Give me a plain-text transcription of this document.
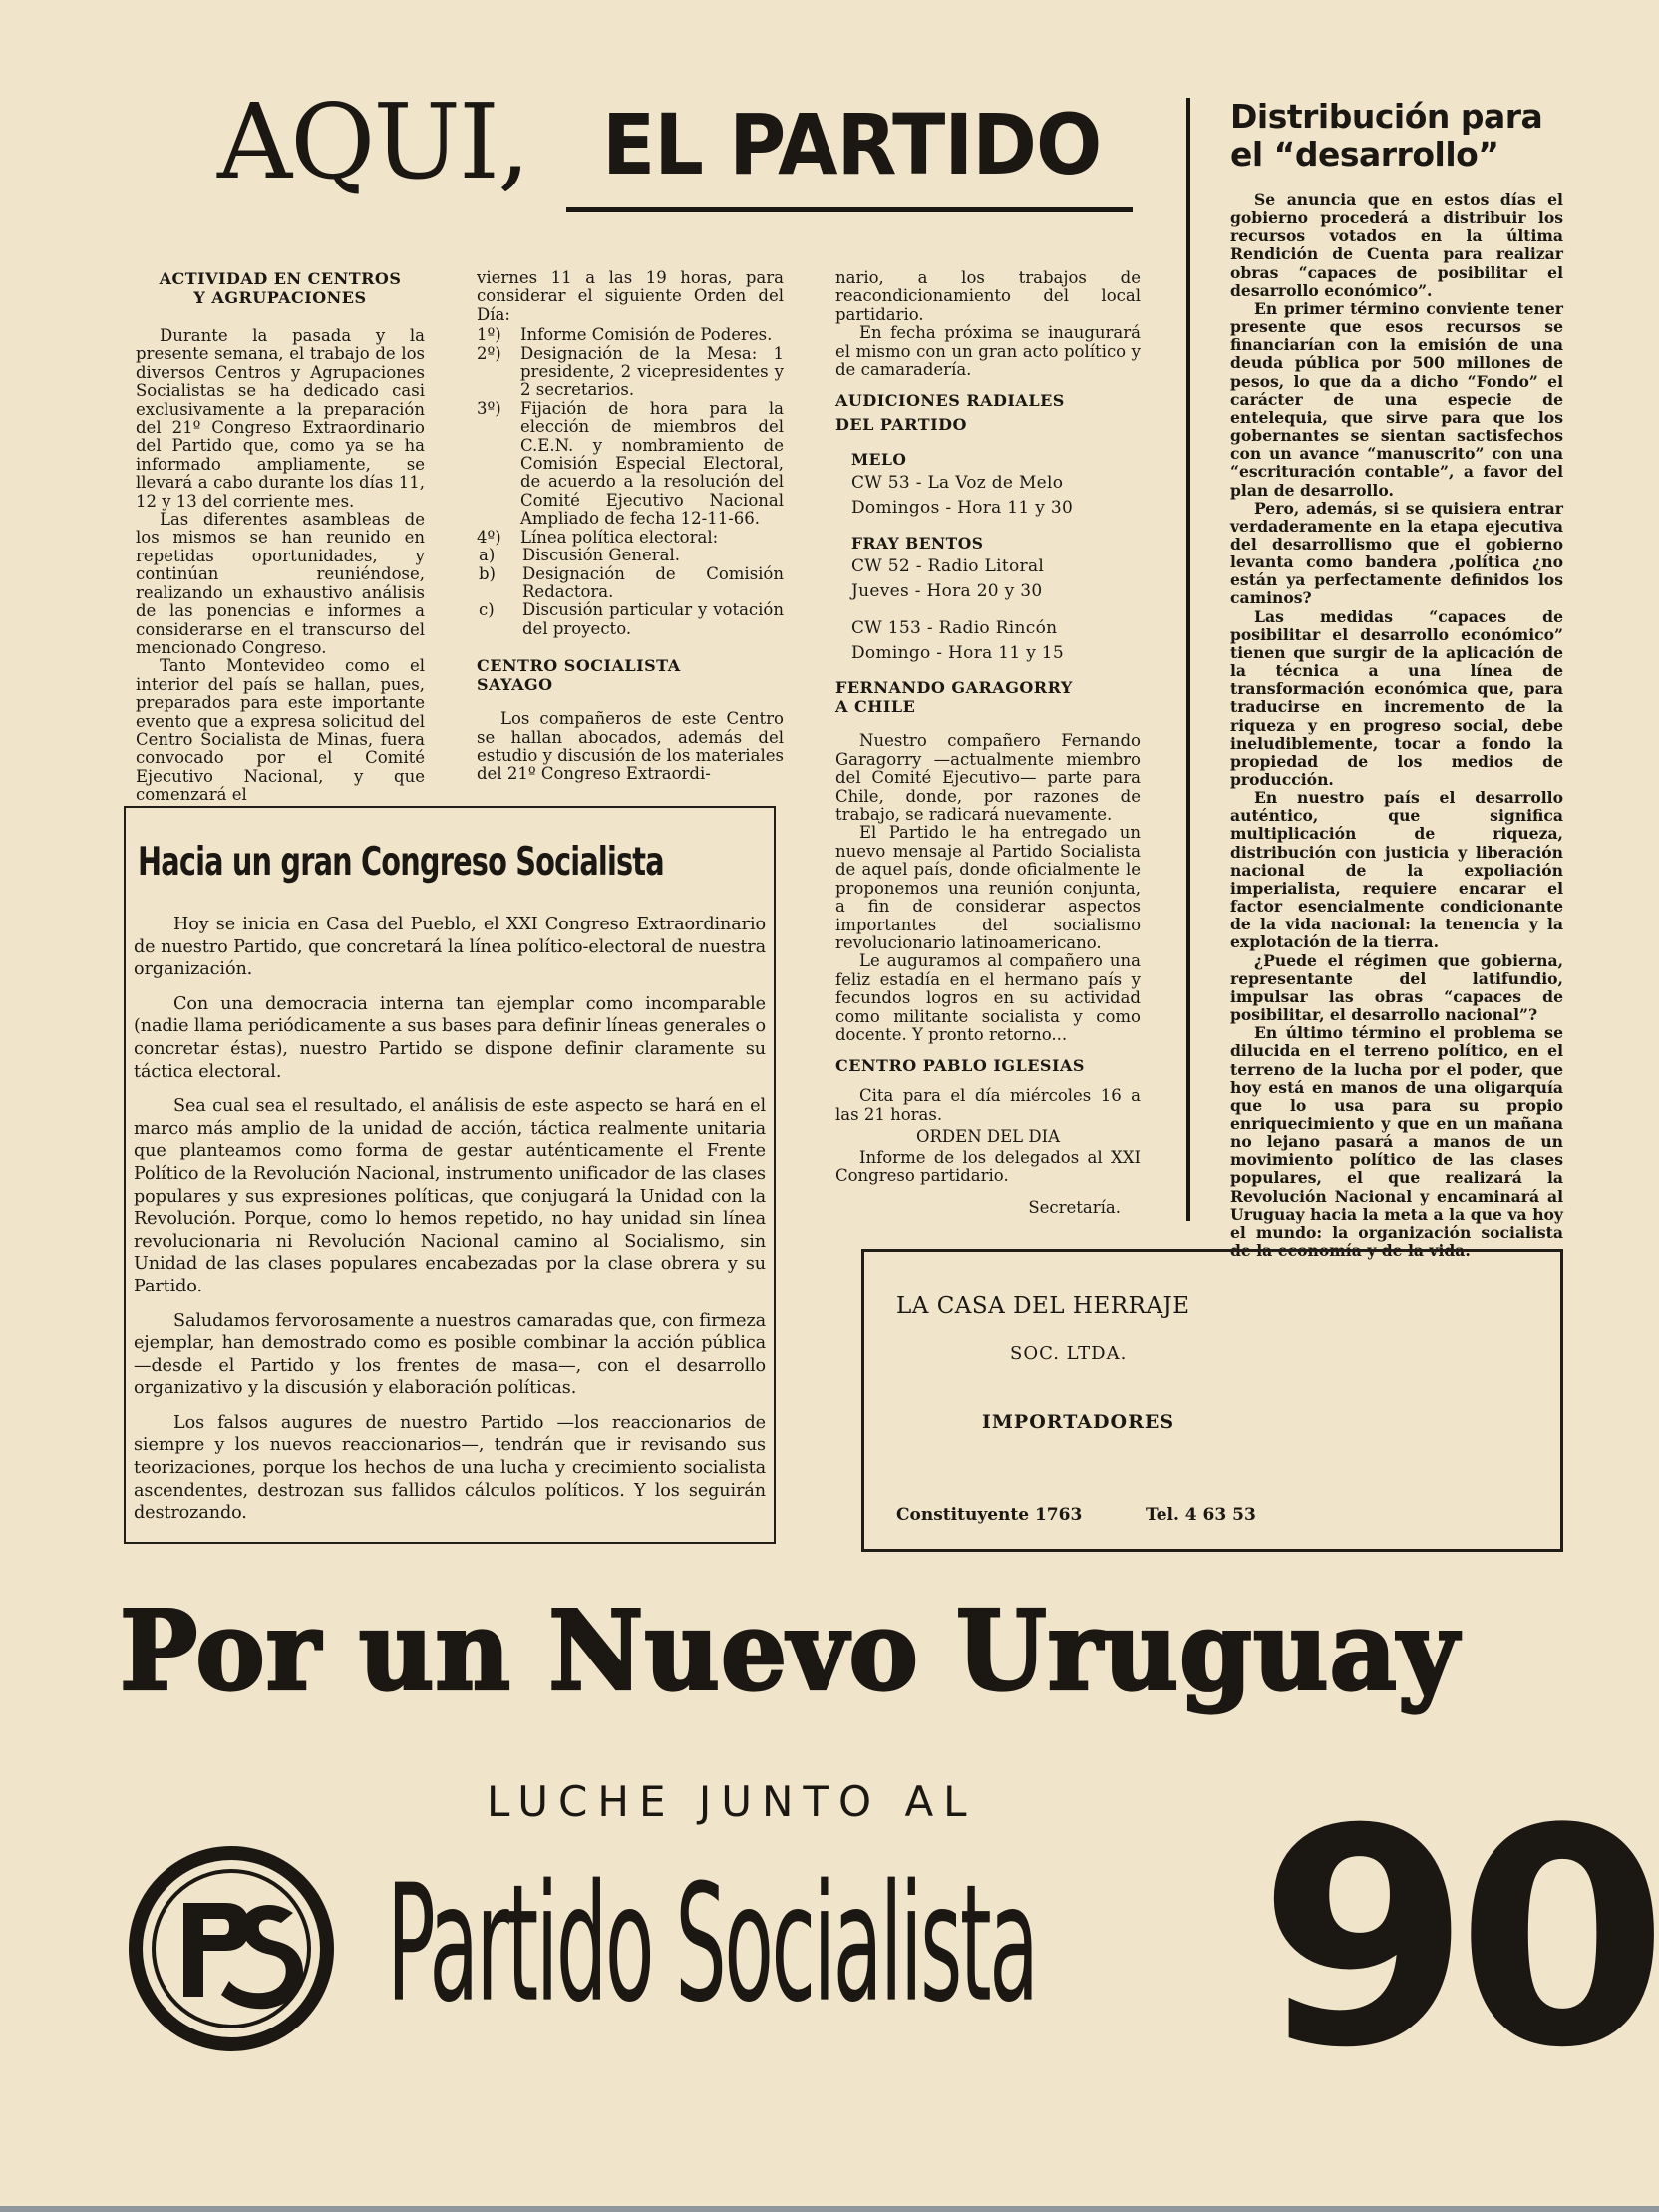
AQUI, EL PARTIDO
ACTIVIDAD EN CENTROS
Y AGRUPACIONES

Durante la pasada y la presente semana, el trabajo de los diversos Centros y Agrupaciones Socialistas se ha dedicado casi exclusivamente a la preparación del 21º Congreso Extraordinario del Partido que, como ya se ha informado ampliamente, se llevará a cabo durante los días 11, 12 y 13 del corriente mes.

Las diferentes asambleas de los mismos se han reunido en repetidas oportunidades, y continúan reuniéndose, realizando un exhaustivo análisis de las ponencias e informes a considerarse en el transcurso del mencionado Congreso.

Tanto Montevideo como el interior del país se hallan, pues, preparados para este importante evento que a expresa solicitud del Centro Socialista de Minas, fuera convocado por el Comité Ejecutivo Nacional, y que comenzará el

viernes 11 a las 19 horas, para considerar el siguiente Orden del Día:
1º)	Informe Comisión de Poderes.
2º)	Designación de la Mesa: 1 presidente, 2 vicepresidentes y 2 secretarios.
3º)	Fijación de hora para la elección de miembros del C.E.N. y nombramiento de Comisión Especial Electoral, de acuerdo a la resolución del Comité Ejecutivo Nacional Ampliado de fecha 12-11-66.
4º)	Línea política electoral:
a)	Discusión General.
b)	Designación de Comisión Redactora.
c)	Discusión particular y votación del proyecto.
CENTRO SOCIALISTA
SAYAGO

Los compañeros de este Centro se hallan abocados, además del estudio y discusión de los materiales del 21º Congreso Extraordi-

nario, a los trabajos de reacondicionamiento del local partidario.

En fecha próxima se inaugurará el mismo con un gran acto político y de camaradería.

AUDICIONES RADIALES
DEL PARTIDO
MELO
CW 53 - La Voz de Melo
Domingos - Hora 11 y 30
FRAY BENTOS
CW 52 - Radio Litoral
Jueves - Hora 20 y 30
CW 153 - Radio Rincón
Domingo - Hora 11 y 15
FERNANDO GARAGORRY
A CHILE

Nuestro compañero Fernando Garagorry —actualmente miembro del Comité Ejecutivo— parte para Chile, donde, por razones de trabajo, se radicará nuevamente.

El Partido le ha entregado un nuevo mensaje al Partido Socialista de aquel país, donde oficialmente le proponemos una reunión conjunta, a fin de considerar aspectos importantes del socialismo revolucionario latinoamericano.

Le auguramos al compañero una feliz estadía en el hermano país y fecundos logros en su actividad como militante socialista y como docente. Y pronto retorno...

CENTRO PABLO IGLESIAS

Cita para el día miércoles 16 a las 21 horas.

ORDEN DEL DIA

Informe de los delegados al XXI Congreso partidario.

Secretaría.
Distribución para
el “desarrollo”

Se anuncia que en estos días el gobierno procederá a distribuir los recursos votados en la última Rendición de Cuenta para realizar obras “capaces de posibilitar el desarrollo económico”.

En primer término conviente tener presente que esos recursos se financiarían con la emisión de una deuda pública por 500 millones de pesos, lo que da a dicho “Fondo” el carácter de una especie de entelequia, que sirve para que los gobernantes se sientan sactisfechos con un avance “manuscrito” con una “escrituración contable”, a favor del plan de desarrollo.

Pero, además, si se quisiera entrar verdaderamente en la etapa ejecutiva del desarrollismo que el gobierno levanta como bandera ,política ¿no están ya perfectamente definidos los caminos?

Las medidas “capaces de posibilitar el desarrollo económico” tienen que surgir de la aplicación de la técnica a una línea de transformación económica que, para traducirse en incremento de la riqueza y en progreso social, debe ineludiblemente, tocar a fondo la propiedad de los medios de producción.

En nuestro país el desarrollo auténtico, que significa multiplicación de riqueza, distribución con justicia y liberación nacional de la expoliación imperialista, requiere encarar el factor esencialmente condicionante de la vida nacional: la tenencia y la explotación de la tierra.

¿Puede el régimen que gobierna, representante del latifundio, impulsar las obras “capaces de posibilitar, el desarrollo nacional”?

En último término el problema se dilucida en el terreno político, en el terreno de la lucha por el poder, que hoy está en manos de una oligarquía que lo usa para su propio enriquecimiento y que en un mañana no lejano pasará a manos de un movimiento político de las clases populares, el que realizará la Revolución Nacional y encaminará al Uruguay hacia la meta a la que va hoy el mundo: la organización socialista de la economía y de la vida.

Hacia un gran Congreso Socialista

Hoy se inicia en Casa del Pueblo, el XXI Congreso Extraordinario de nuestro Partido, que concretará la línea político-electoral de nuestra organización.

Con una democracia interna tan ejemplar como incomparable (nadie llama periódicamente a sus bases para definir líneas generales o concretar éstas), nuestro Partido se dispone definir claramente su táctica electoral.

Sea cual sea el resultado, el análisis de este aspecto se hará en el marco más amplio de la unidad de acción, táctica realmente unitaria que planteamos como forma de gestar auténticamente el Frente Político de la Revolución Nacional, instrumento unificador de las clases populares y sus expresiones políticas, que conjugará la Unidad con la Revolución. Porque, como lo hemos repetido, no hay unidad sin línea revolucionaria ni Revolución Nacional camino al Socialismo, sin Unidad de las clases populares encabezadas por la clase obrera y su Partido.

Saludamos fervorosamente a nuestros camaradas que, con firmeza ejemplar, han demostrado como es posible combinar la acción pública —desde el Partido y los frentes de masa—, con el desarrollo organizativo y la discusión y elaboración políticas.

Los falsos augures de nuestro Partido —los reaccionarios de siempre y los nuevos reaccionarios—, tendrán que ir revisando sus teorizaciones, porque los hechos de una lucha y crecimiento socialista ascendentes, destrozan sus fallidos cálculos políticos. Y los seguirán destrozando.

LA CASA DEL HERRAJE
SOC. LTDA.
IMPORTADORES
Constituyente 1763	Tel. 4 63 53
Por un Nuevo Uruguay
LUCHE JUNTO AL
Partido Socialista 90
